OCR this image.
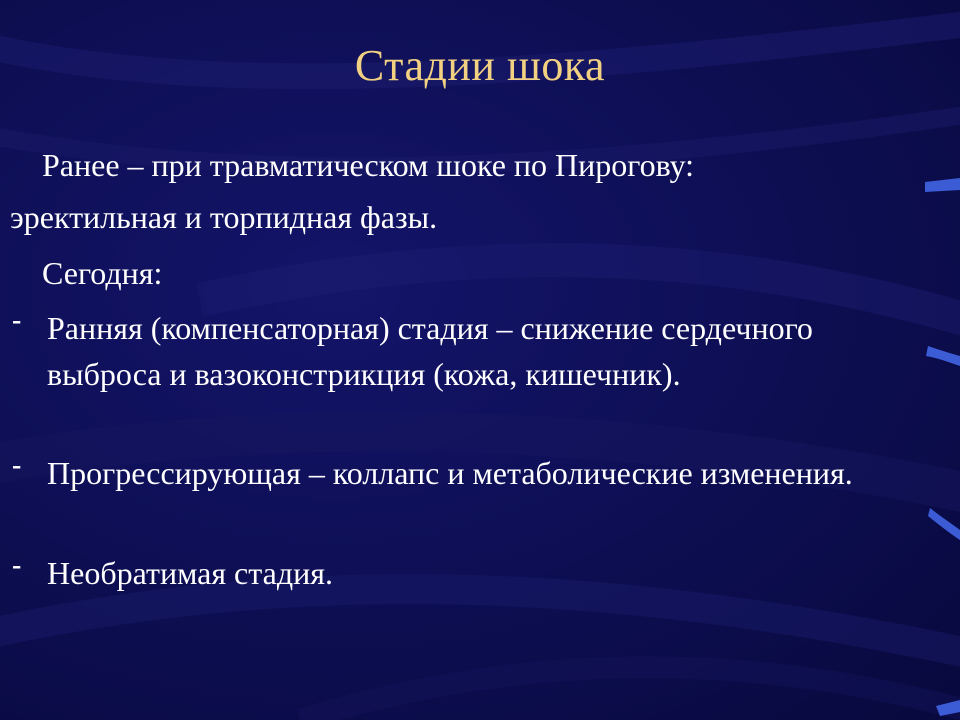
Стадии шока
Ранее – при травматическом шоке по Пирогову:
эректильная и торпидная фазы.
Сегодня:
- Ранняя (компенсаторная) стадия – снижение сердечного выброса и вазоконстрикция (кожа, кишечник).
- Прогрессирующая – коллапс и метаболические изменения.
- Необратимая стадия.
